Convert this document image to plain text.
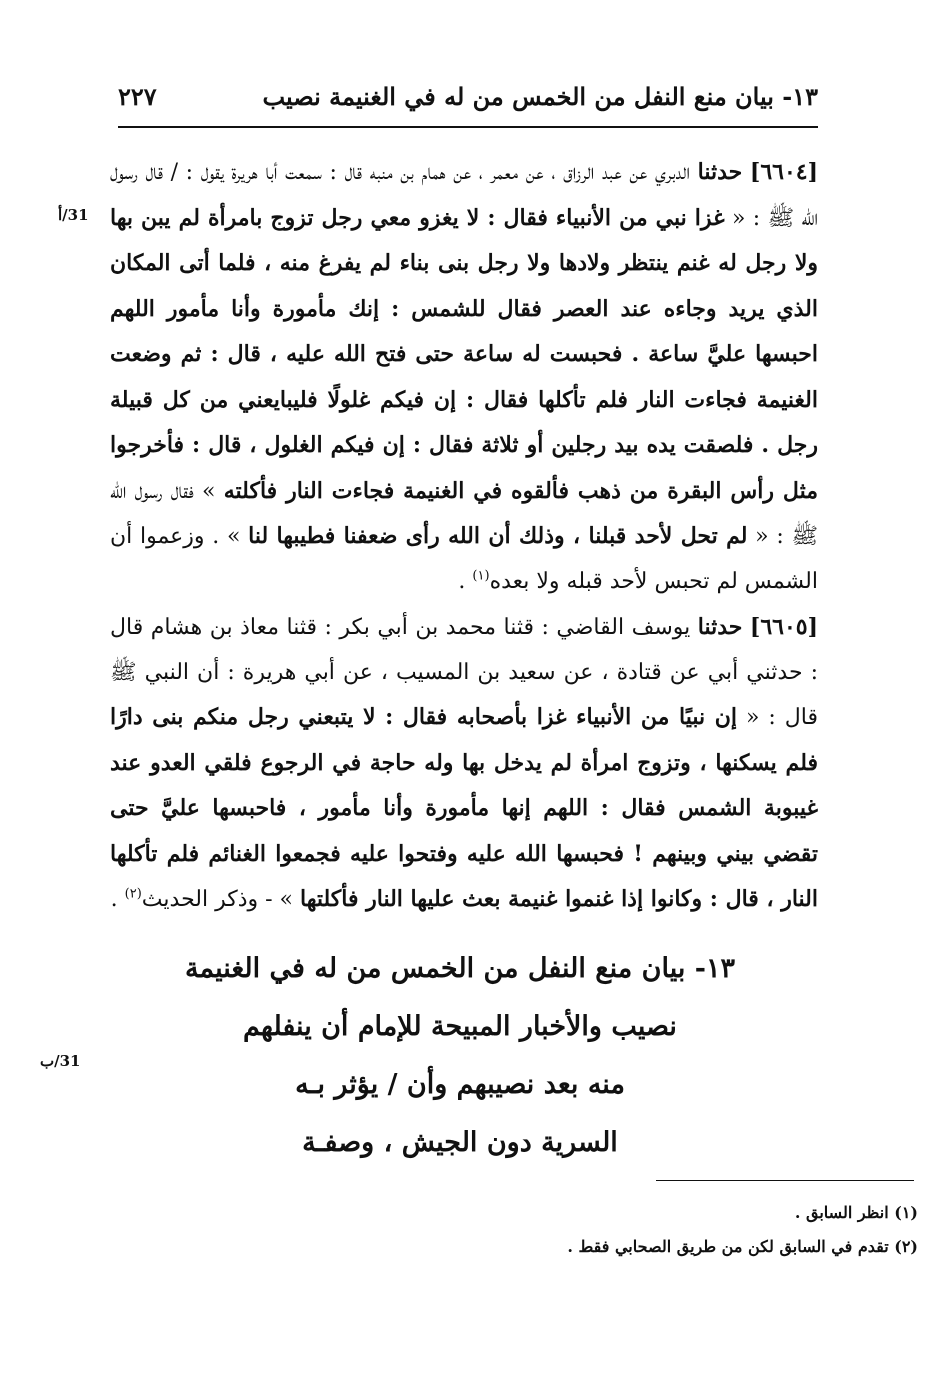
١٣- بيان منع النفل من الخمس من له في الغنيمة نصيب
٢٢٧
31/أ
31/ب

[٦٦٠٤] حدثنا الدبري عن عبد الرزاق ، عن معمر ، عن همام بن منبه قال : سمعت أبا هريرة يقول : / قال رسول الله ﷺ : « غزا نبي من الأنبياء فقال : لا يغزو معي رجل تزوج بامرأة لم يبن بها ولا رجل له غنم ينتظر ولادها ولا رجل بنى بناء لم يفرغ منه ، فلما أتى المكان الذي يريد وجاءه عند العصر فقال للشمس : إنك مأمورة وأنا مأمور اللهم احبسها عليَّ ساعة . فحبست له ساعة حتى فتح الله عليه ، قال : ثم وضعت الغنيمة فجاءت النار فلم تأكلها فقال : إن فيكم غلولًا فليبايعني من كل قبيلة رجل . فلصقت يده بيد رجلين أو ثلاثة فقال : إن فيكم الغلول ، قال : فأخرجوا مثل رأس البقرة من ذهب فألقوه في الغنيمة فجاءت النار فأكلته » فقال رسول الله ﷺ : « لم تحل لأحد قبلنا ، وذلك أن الله رأى ضعفنا فطيبها لنا » . وزعموا أن الشمس لم تحبس لأحد قبله ولا بعده$^{(١)}$ .

[٦٦٠٥] حدثنا يوسف القاضي : قثنا محمد بن أبي بكر : قثنا معاذ بن هشام قال : حدثني أبي عن قتادة ، عن سعيد بن المسيب ، عن أبي هريرة : أن النبي ﷺ قال : « إن نبيًا من الأنبياء غزا بأصحابه فقال : لا يتبعني رجل منكم بنى دارًا فلم يسكنها ، وتزوج امرأة لم يدخل بها وله حاجة في الرجوع فلقي العدو عند غيبوبة الشمس فقال : اللهم إنها مأمورة وأنا مأمور ، فاحبسها عليَّ حتى تقضي بيني وبينهم ! فحبسها الله عليه وفتحوا عليه فجمعوا الغنائم فلم تأكلها النار ، قال : وكانوا إذا غنموا غنيمة بعث عليها النار فأكلتها » - وذكر الحديث$^{(٢)}$ .

١٣- بيان منع النفل من الخمس من له في الغنيمة
نصيب والأخبار المبيحة للإمام أن ينفلهم
منه بعد نصيبهم وأن / يؤثر بـه
السرية دون الجيش ، وصفـة
(١) انظر السابق .
(٢) تقدم في السابق لكن من طريق الصحابي فقط .
